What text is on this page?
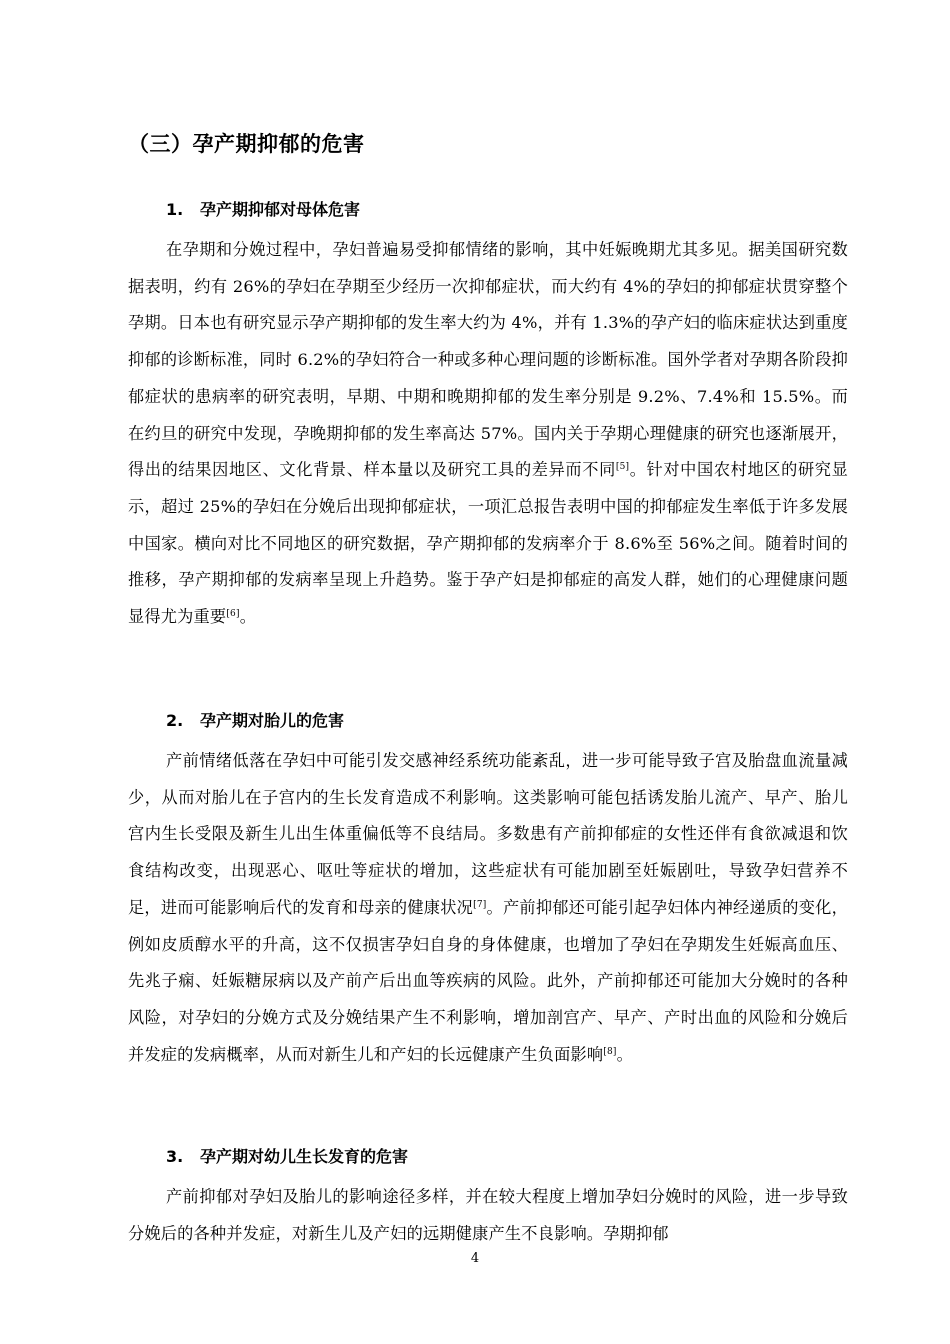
（三）孕产期抑郁的危害
1. 孕产期抑郁对母体危害

在孕期和分娩过程中，孕妇普遍易受抑郁情绪的影响，其中妊娠晚期尤其多见。据美国研究数据表明，约有 26%的孕妇在孕期至少经历一次抑郁症状，而大约有 4%的孕妇的抑郁症状贯穿整个孕期。日本也有研究显示孕产期抑郁的发生率大约为 4%，并有 1.3%的孕产妇的临床症状达到重度抑郁的诊断标准，同时 6.2%的孕妇符合一种或多种心理问题的诊断标准。国外学者对孕期各阶段抑郁症状的患病率的研究表明，早期、中期和晚期抑郁的发生率分别是 9.2%、7.4%和 15.5%。而在约旦的研究中发现，孕晚期抑郁的发生率高达 57%。国内关于孕期心理健康的研究也逐渐展开，得出的结果因地区、文化背景、样本量以及研究工具的差异而不同[5]。针对中国农村地区的研究显示，超过 25%的孕妇在分娩后出现抑郁症状，一项汇总报告表明中国的抑郁症发生率低于许多发展中国家。横向对比不同地区的研究数据，孕产期抑郁的发病率介于 8.6%至 56%之间。随着时间的推移，孕产期抑郁的发病率呈现上升趋势。鉴于孕产妇是抑郁症的高发人群，她们的心理健康问题显得尤为重要[6]。

2. 孕产期对胎儿的危害

产前情绪低落在孕妇中可能引发交感神经系统功能紊乱，进一步可能导致子宫及胎盘血流量减少，从而对胎儿在子宫内的生长发育造成不利影响。这类影响可能包括诱发胎儿流产、早产、胎儿宫内生长受限及新生儿出生体重偏低等不良结局。多数患有产前抑郁症的女性还伴有食欲减退和饮食结构改变，出现恶心、呕吐等症状的增加，这些症状有可能加剧至妊娠剧吐，导致孕妇营养不足，进而可能影响后代的发育和母亲的健康状况[7]。产前抑郁还可能引起孕妇体内神经递质的变化，例如皮质醇水平的升高，这不仅损害孕妇自身的身体健康，也增加了孕妇在孕期发生妊娠高血压、先兆子痫、妊娠糖尿病以及产前产后出血等疾病的风险。此外，产前抑郁还可能加大分娩时的各种风险，对孕妇的分娩方式及分娩结果产生不利影响，增加剖宫产、早产、产时出血的风险和分娩后并发症的发病概率，从而对新生儿和产妇的长远健康产生负面影响[8]。

3. 孕产期对幼儿生长发育的危害

产前抑郁对孕妇及胎儿的影响途径多样，并在较大程度上增加孕妇分娩时的风险，进一步导致分娩后的各种并发症，对新生儿及产妇的远期健康产生不良影响。孕期抑郁

4
